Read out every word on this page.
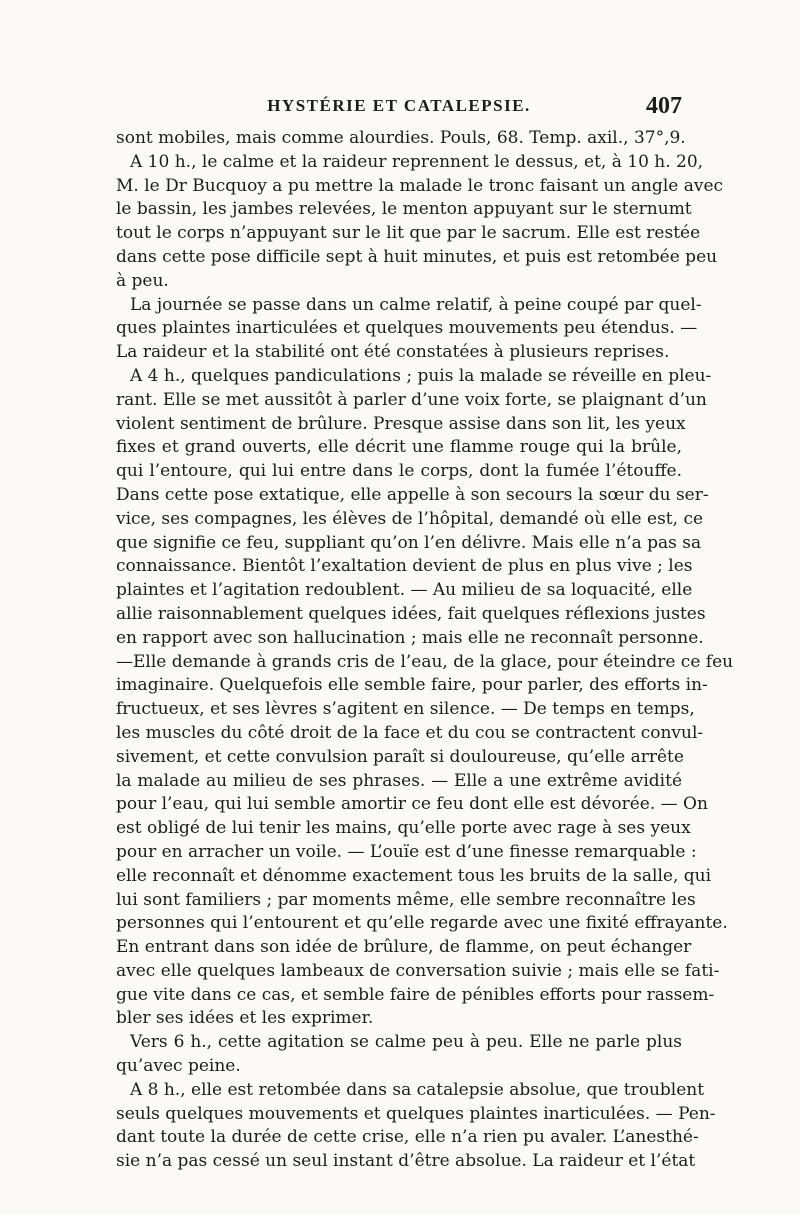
HYSTÉRIE ET CATALEPSIE.	407
sont mobiles, mais comme alourdies. Pouls, 68. Temp. axil., 37°,9.
A 10 h., le calme et la raideur reprennent le dessus, et, à 10 h. 20,
M. le Dr Bucquoy a pu mettre la malade le tronc faisant un angle avec
le bassin, les jambes relevées, le menton appuyant sur le sternumt
tout le corps n’appuyant sur le lit que par le sacrum. Elle est restée
dans cette pose difficile sept à huit minutes, et puis est retombée peu
à peu.
La journée se passe dans un calme relatif, à peine coupé par quel-
ques plaintes inarticulées et quelques mouvements peu étendus. —
La raideur et la stabilité ont été constatées à plusieurs reprises.
A 4 h., quelques pandiculations ; puis la malade se réveille en pleu-
rant. Elle se met aussitôt à parler d’une voix forte, se plaignant d’un
violent sentiment de brûlure. Presque assise dans son lit, les yeux
fixes et grand ouverts, elle décrit une flamme rouge qui la brûle,
qui l’entoure, qui lui entre dans le corps, dont la fumée l’étouffe.
Dans cette pose extatique, elle appelle à son secours la sœur du ser-
vice, ses compagnes, les élèves de l’hôpital, demandé où elle est, ce
que signifie ce feu, suppliant qu’on l’en délivre. Mais elle n’a pas sa
connaissance. Bientôt l’exaltation devient de plus en plus vive ; les
plaintes et l’agitation redoublent. — Au milieu de sa loquacité, elle
allie raisonnablement quelques idées, fait quelques réflexions justes
en rapport avec son hallucination ; mais elle ne reconnaît personne.
—Elle demande à grands cris de l’eau, de la glace, pour éteindre ce feu
imaginaire. Quelquefois elle semble faire, pour parler, des efforts in-
fructueux, et ses lèvres s’agitent en silence. — De temps en temps,
les muscles du côté droit de la face et du cou se contractent convul-
sivement, et cette convulsion paraît si douloureuse, qu’elle arrête
la malade au milieu de ses phrases. — Elle a une extrême avidité
pour l’eau, qui lui semble amortir ce feu dont elle est dévorée. — On
est obligé de lui tenir les mains, qu’elle porte avec rage à ses yeux
pour en arracher un voile. — L’ouïe est d’une finesse remarquable :
elle reconnaît et dénomme exactement tous les bruits de la salle, qui
lui sont familiers ; par moments même, elle sembre reconnaître les
personnes qui l’entourent et qu’elle regarde avec une fixité effrayante.
En entrant dans son idée de brûlure, de flamme, on peut échanger
avec elle quelques lambeaux de conversation suivie ; mais elle se fati-
gue vite dans ce cas, et semble faire de pénibles efforts pour rassem-
bler ses idées et les exprimer.
Vers 6 h., cette agitation se calme peu à peu. Elle ne parle plus
qu’avec peine.
A 8 h., elle est retombée dans sa catalepsie absolue, que troublent
seuls quelques mouvements et quelques plaintes inarticulées. — Pen-
dant toute la durée de cette crise, elle n’a rien pu avaler. L’anesthé-
sie n’a pas cessé un seul instant d’être absolue. La raideur et l’état
